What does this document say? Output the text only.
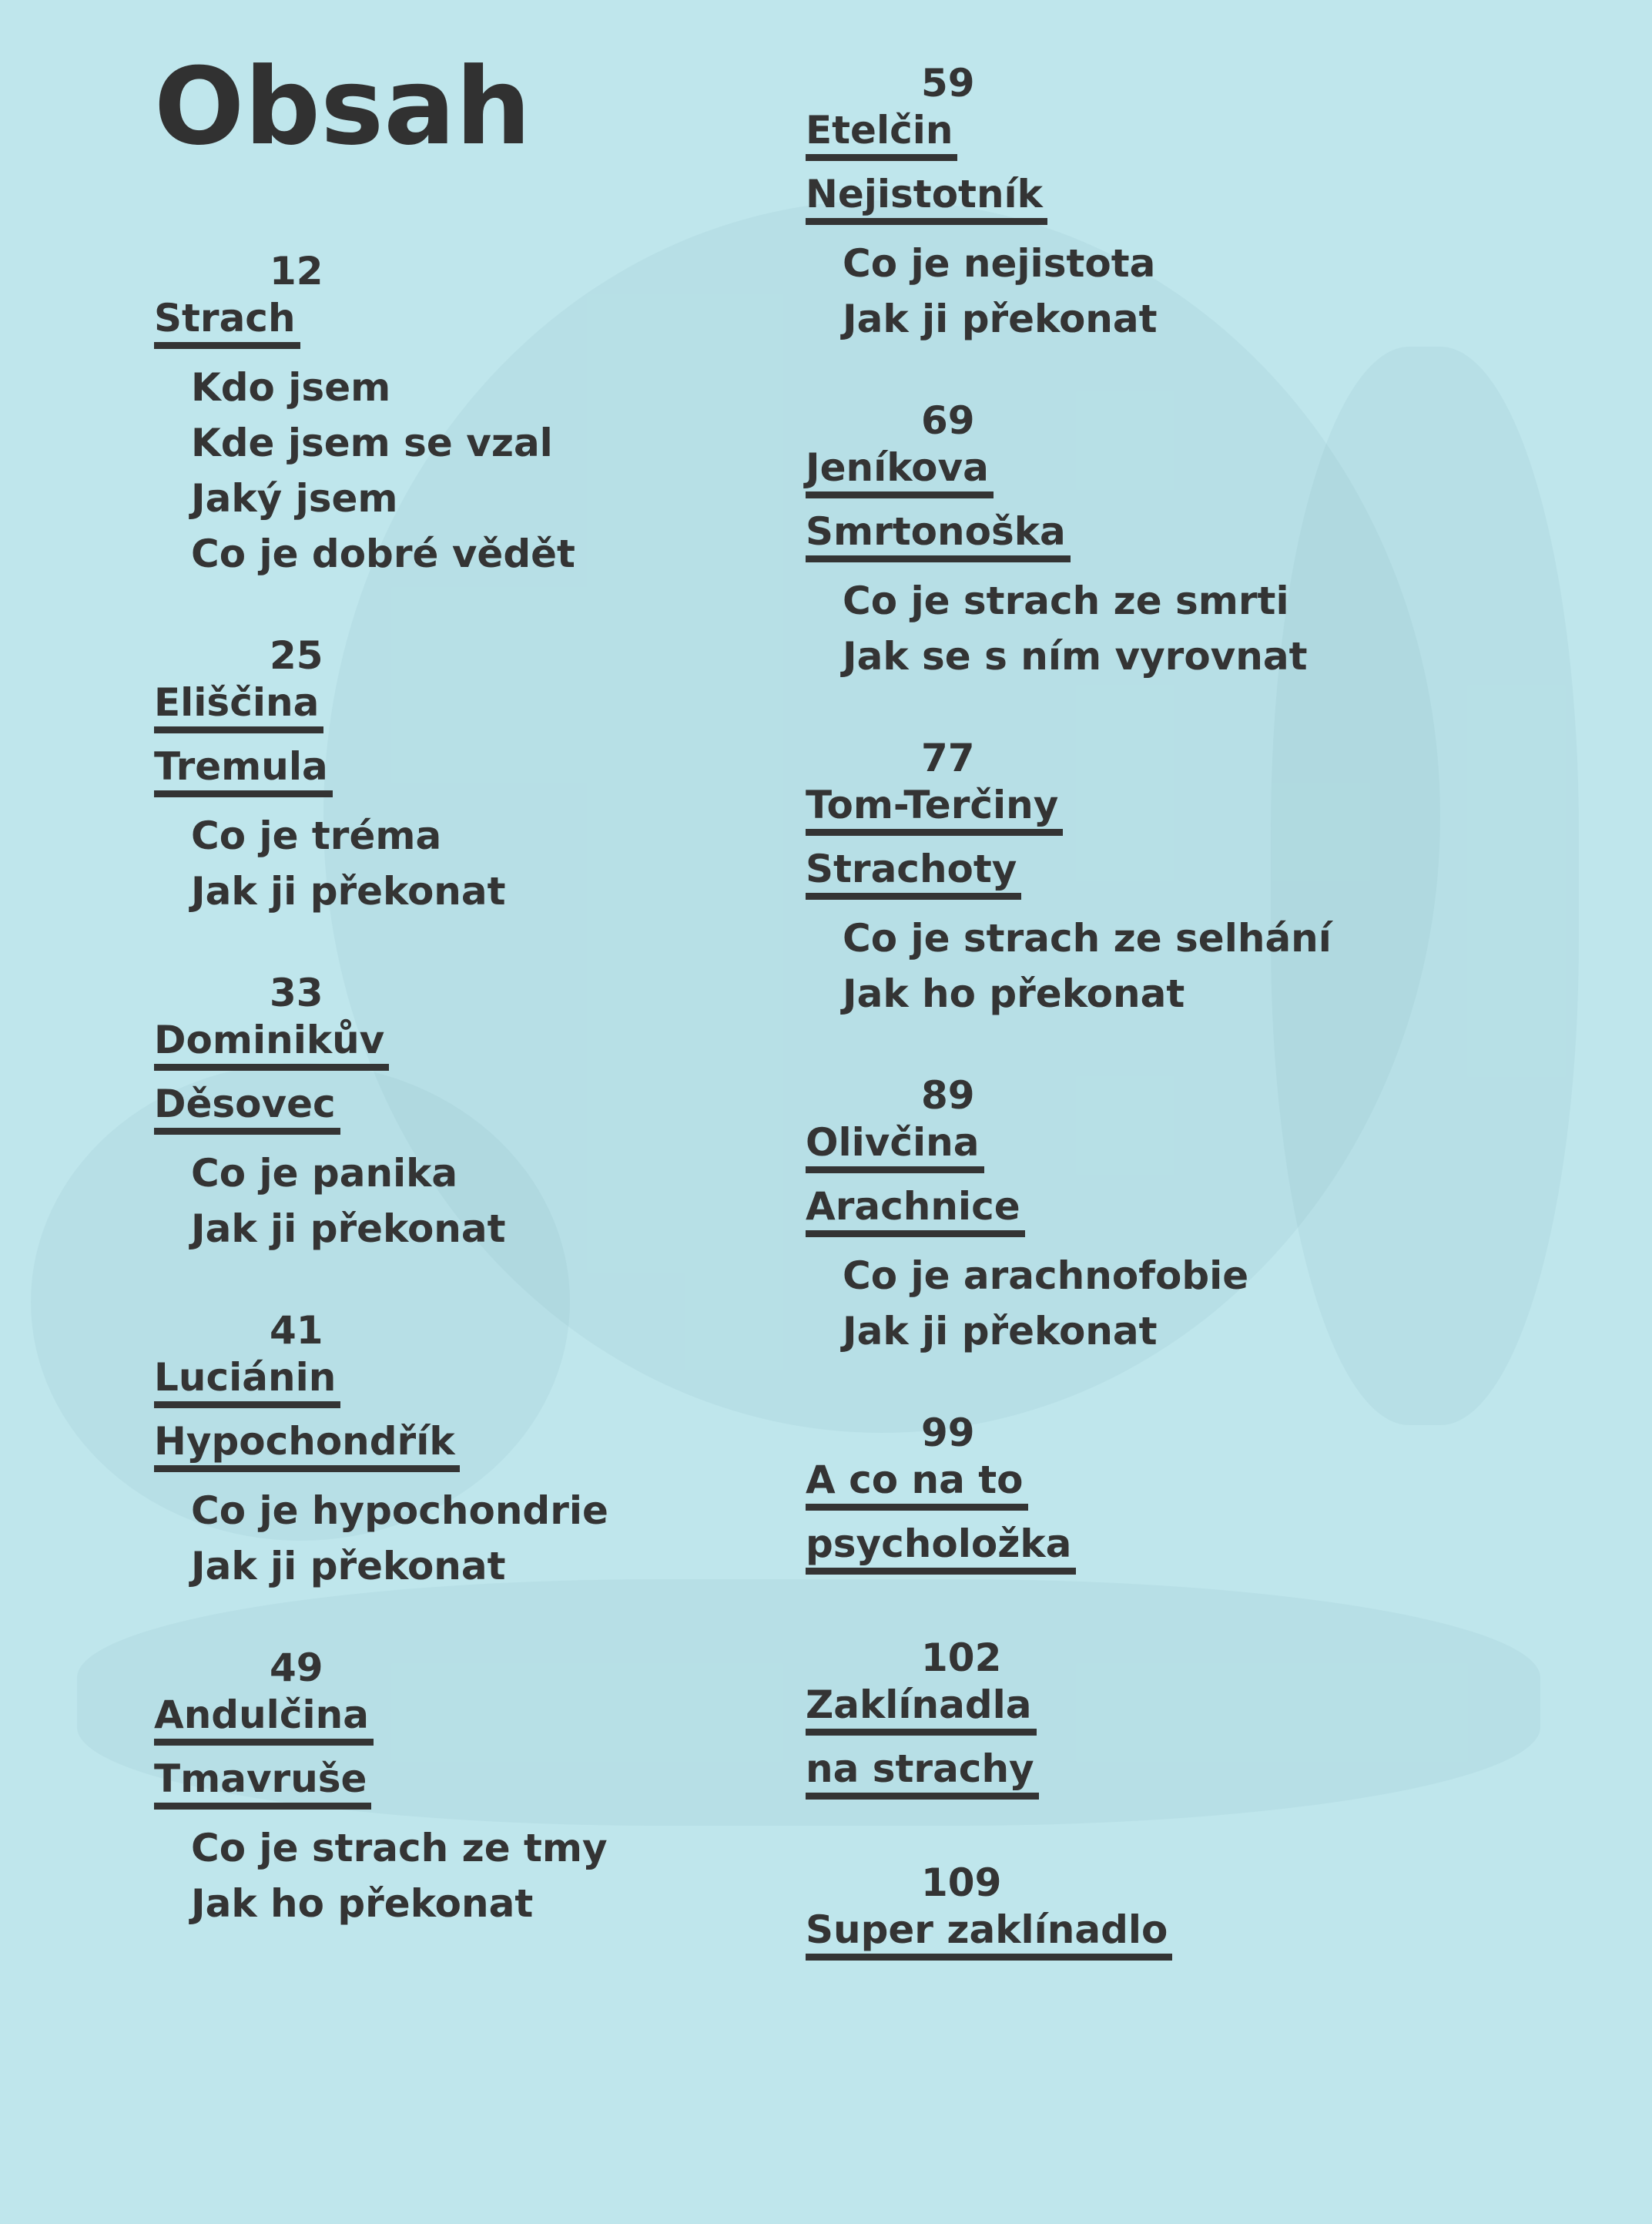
Obsah
12
Strach
Kdo jsem
Kde jsem se vzal
Jaký jsem
Co je dobré vědět
25
Eliščina
Tremula
Co je tréma
Jak ji překonat
33
Dominikův
Děsovec
Co je panika
Jak ji překonat
41
Luciánin
Hypochondřík
Co je hypochondrie
Jak ji překonat
49
Andulčina
Tmavruše
Co je strach ze tmy
Jak ho překonat
59
Etelčin
Nejistotník
Co je nejistota
Jak ji překonat
69
Jeníkova
Smrtonoška
Co je strach ze smrti
Jak se s ním vyrovnat
77
Tom-Terčiny
Strachoty
Co je strach ze selhání
Jak ho překonat
89
Olivčina
Arachnice
Co je arachnofobie
Jak ji překonat
99
A co na to
psycholožka
102
Zaklínadla
na strachy
109
Super zaklínadlo
